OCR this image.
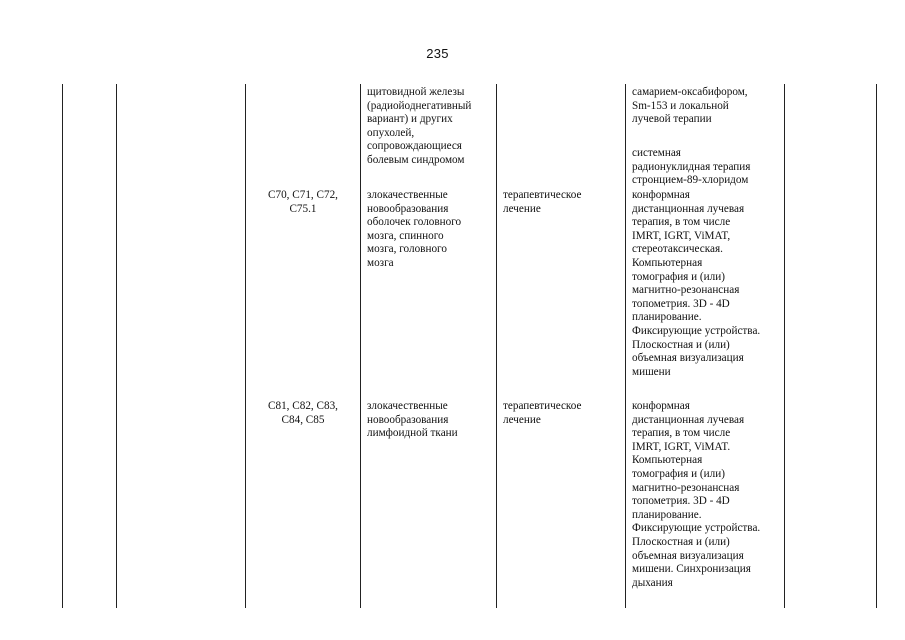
235
щитовидной железы
(радиойоднегативный
вариант) и других
опухолей,
сопровождающиеся
болевым синдромом
самарием-оксабифором,
Sm-153 и локальной
лучевой терапии
системная
радионуклидная терапия
стронцием-89-хлоридом
C70, C71, C72,
C75.1
злокачественные
новообразования
оболочек головного
мозга, спинного
мозга, головного
мозга
терапевтическое
лечение
конформная
дистанционная лучевая
терапия, в том числе
IMRT, IGRT, ViMAT,
стереотаксическая.
Компьютерная
томография и (или)
магнитно-резонансная
топометрия. 3D - 4D
планирование.
Фиксирующие устройства.
Плоскостная и (или)
объемная визуализация
мишени
C81, C82, C83,
C84, C85
злокачественные
новообразования
лимфоидной ткани
терапевтическое
лечение
конформная
дистанционная лучевая
терапия, в том числе
IMRT, IGRT, ViMAT.
Компьютерная
томография и (или)
магнитно-резонансная
топометрия. 3D - 4D
планирование.
Фиксирующие устройства.
Плоскостная и (или)
объемная визуализация
мишени. Синхронизация
дыхания
